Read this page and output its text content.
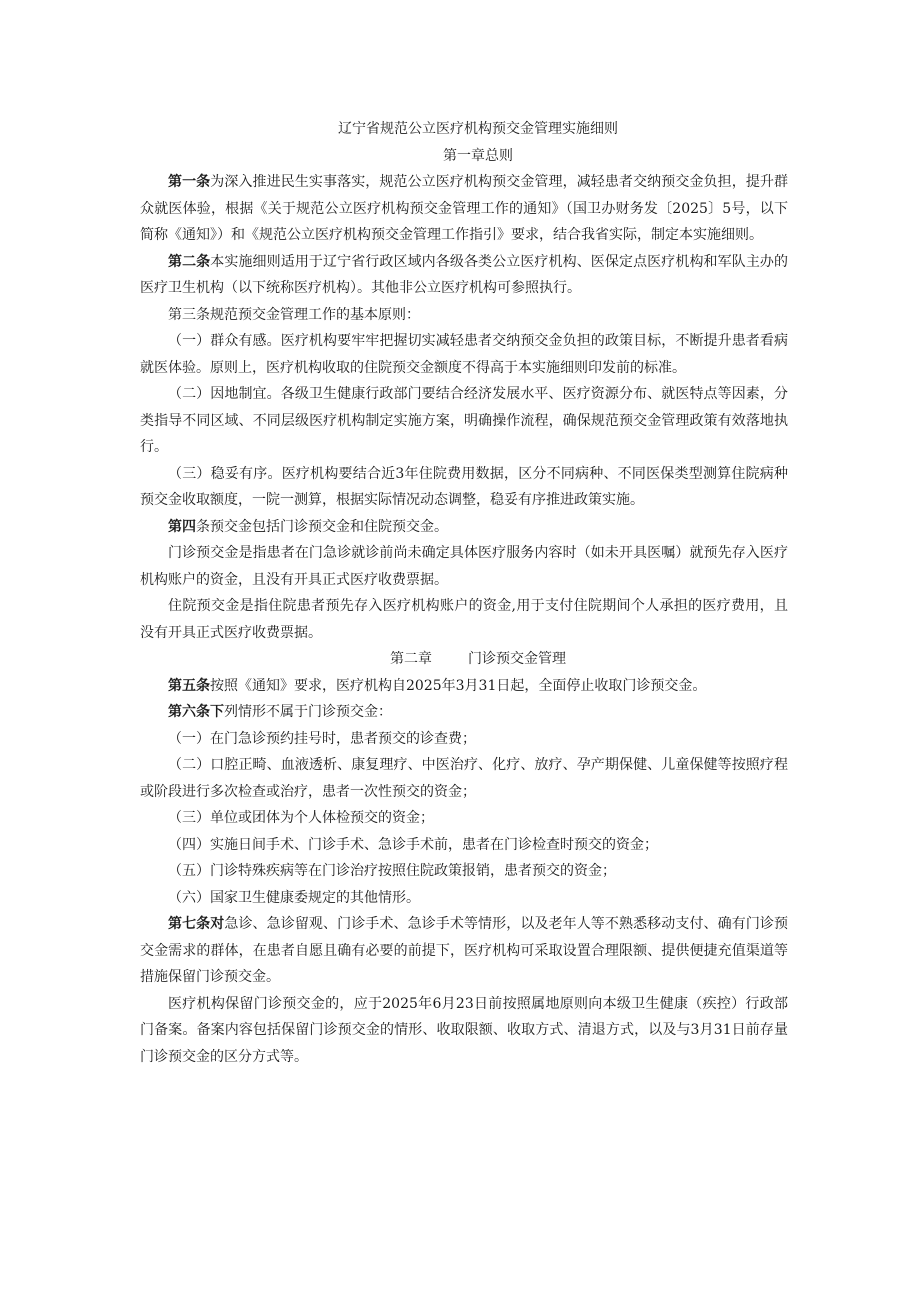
辽宁省规范公立医疗机构预交金管理实施细则
第一章总则

第一条为深入推进民生实事落实，规范公立医疗机构预交金管理，减轻患者交纳预交金负担，提升群众就医体验，根据《关于规范公立医疗机构预交金管理工作的通知》（国卫办财务发〔2025〕5号，以下简称《通知》）和《规范公立医疗机构预交金管理工作指引》要求，结合我省实际，制定本实施细则。

第二条本实施细则适用于辽宁省行政区域内各级各类公立医疗机构、医保定点医疗机构和军队主办的医疗卫生机构（以下统称医疗机构）。其他非公立医疗机构可参照执行。

第三条规范预交金管理工作的基本原则：

（一）群众有感。医疗机构要牢牢把握切实减轻患者交纳预交金负担的政策目标，不断提升患者看病就医体验。原则上，医疗机构收取的住院预交金额度不得高于本实施细则印发前的标准。

（二）因地制宜。各级卫生健康行政部门要结合经济发展水平、医疗资源分布、就医特点等因素，分类指导不同区域、不同层级医疗机构制定实施方案，明确操作流程，确保规范预交金管理政策有效落地执行。

（三）稳妥有序。医疗机构要结合近3年住院费用数据，区分不同病种、不同医保类型测算住院病种预交金收取额度，一院一测算，根据实际情况动态调整，稳妥有序推进政策实施。

第四条预交金包括门诊预交金和住院预交金。

门诊预交金是指患者在门急诊就诊前尚未确定具体医疗服务内容时（如未开具医嘱）就预先存入医疗机构账户的资金，且没有开具正式医疗收费票据。

住院预交金是指住院患者预先存入医疗机构账户的资金,用于支付住院期间个人承担的医疗费用，且没有开具正式医疗收费票据。

第二章	门诊预交金管理

第五条按照《通知》要求，医疗机构自2025年3月31日起，全面停止收取门诊预交金。

第六条下列情形不属于门诊预交金：

（一）在门急诊预约挂号时，患者预交的诊查费；

（二）口腔正畸、血液透析、康复理疗、中医治疗、化疗、放疗、孕产期保健、儿童保健等按照疗程或阶段进行多次检查或治疗，患者一次性预交的资金；

（三）单位或团体为个人体检预交的资金；

（四）实施日间手术、门诊手术、急诊手术前，患者在门诊检查时预交的资金；

（五）门诊特殊疾病等在门诊治疗按照住院政策报销，患者预交的资金；

（六）国家卫生健康委规定的其他情形。

第七条对急诊、急诊留观、门诊手术、急诊手术等情形，以及老年人等不熟悉移动支付、确有门诊预交金需求的群体，在患者自愿且确有必要的前提下，医疗机构可采取设置合理限额、提供便捷充值渠道等措施保留门诊预交金。

医疗机构保留门诊预交金的，应于2025年6月23日前按照属地原则向本级卫生健康（疾控）行政部门备案。备案内容包括保留门诊预交金的情形、收取限额、收取方式、清退方式，以及与3月31日前存量门诊预交金的区分方式等。
